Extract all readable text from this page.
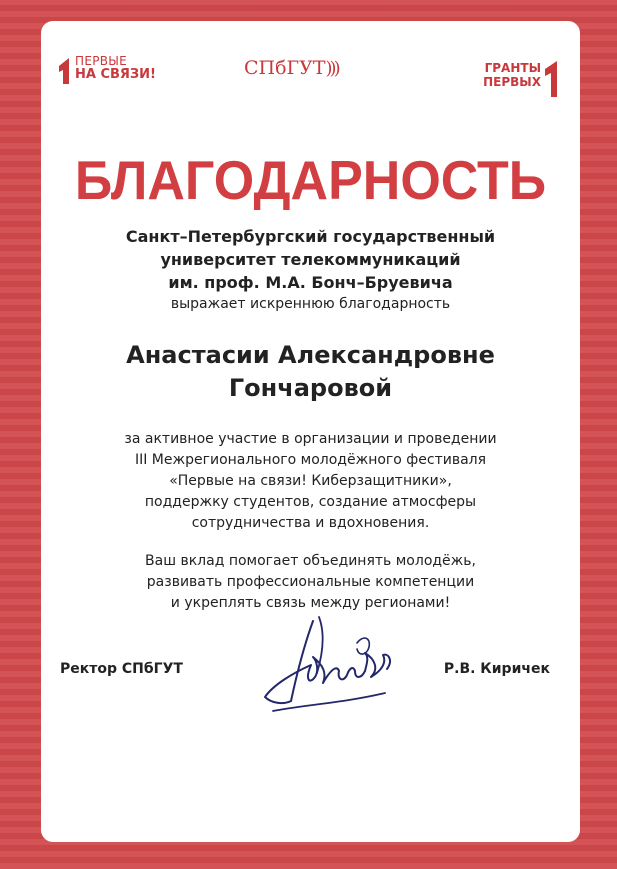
ПЕРВЫЕ
НА СВЯЗИ!	СПбГУТ)))	ГРАНТЫ
ПЕРВЫХ
БЛАГОДАРНОСТЬ
Санкт–Петербургский государственный
университет телекоммуникаций
им. проф. М.А. Бонч–Бруевича
выражает искреннюю благодарность
Анастасии Александровне
Гончаровой
за активное участие в организации и проведении
III Межрегионального молодёжного фестиваля
«Первые на связи! Киберзащитники»,
поддержку студентов, создание атмосферы
сотрудничества и вдохновения.
Ваш вклад помогает объединять молодёжь,
развивать профессиональные компетенции
и укреплять связь между регионами!
Ректор СПбГУТ	Р.В. Киричек
